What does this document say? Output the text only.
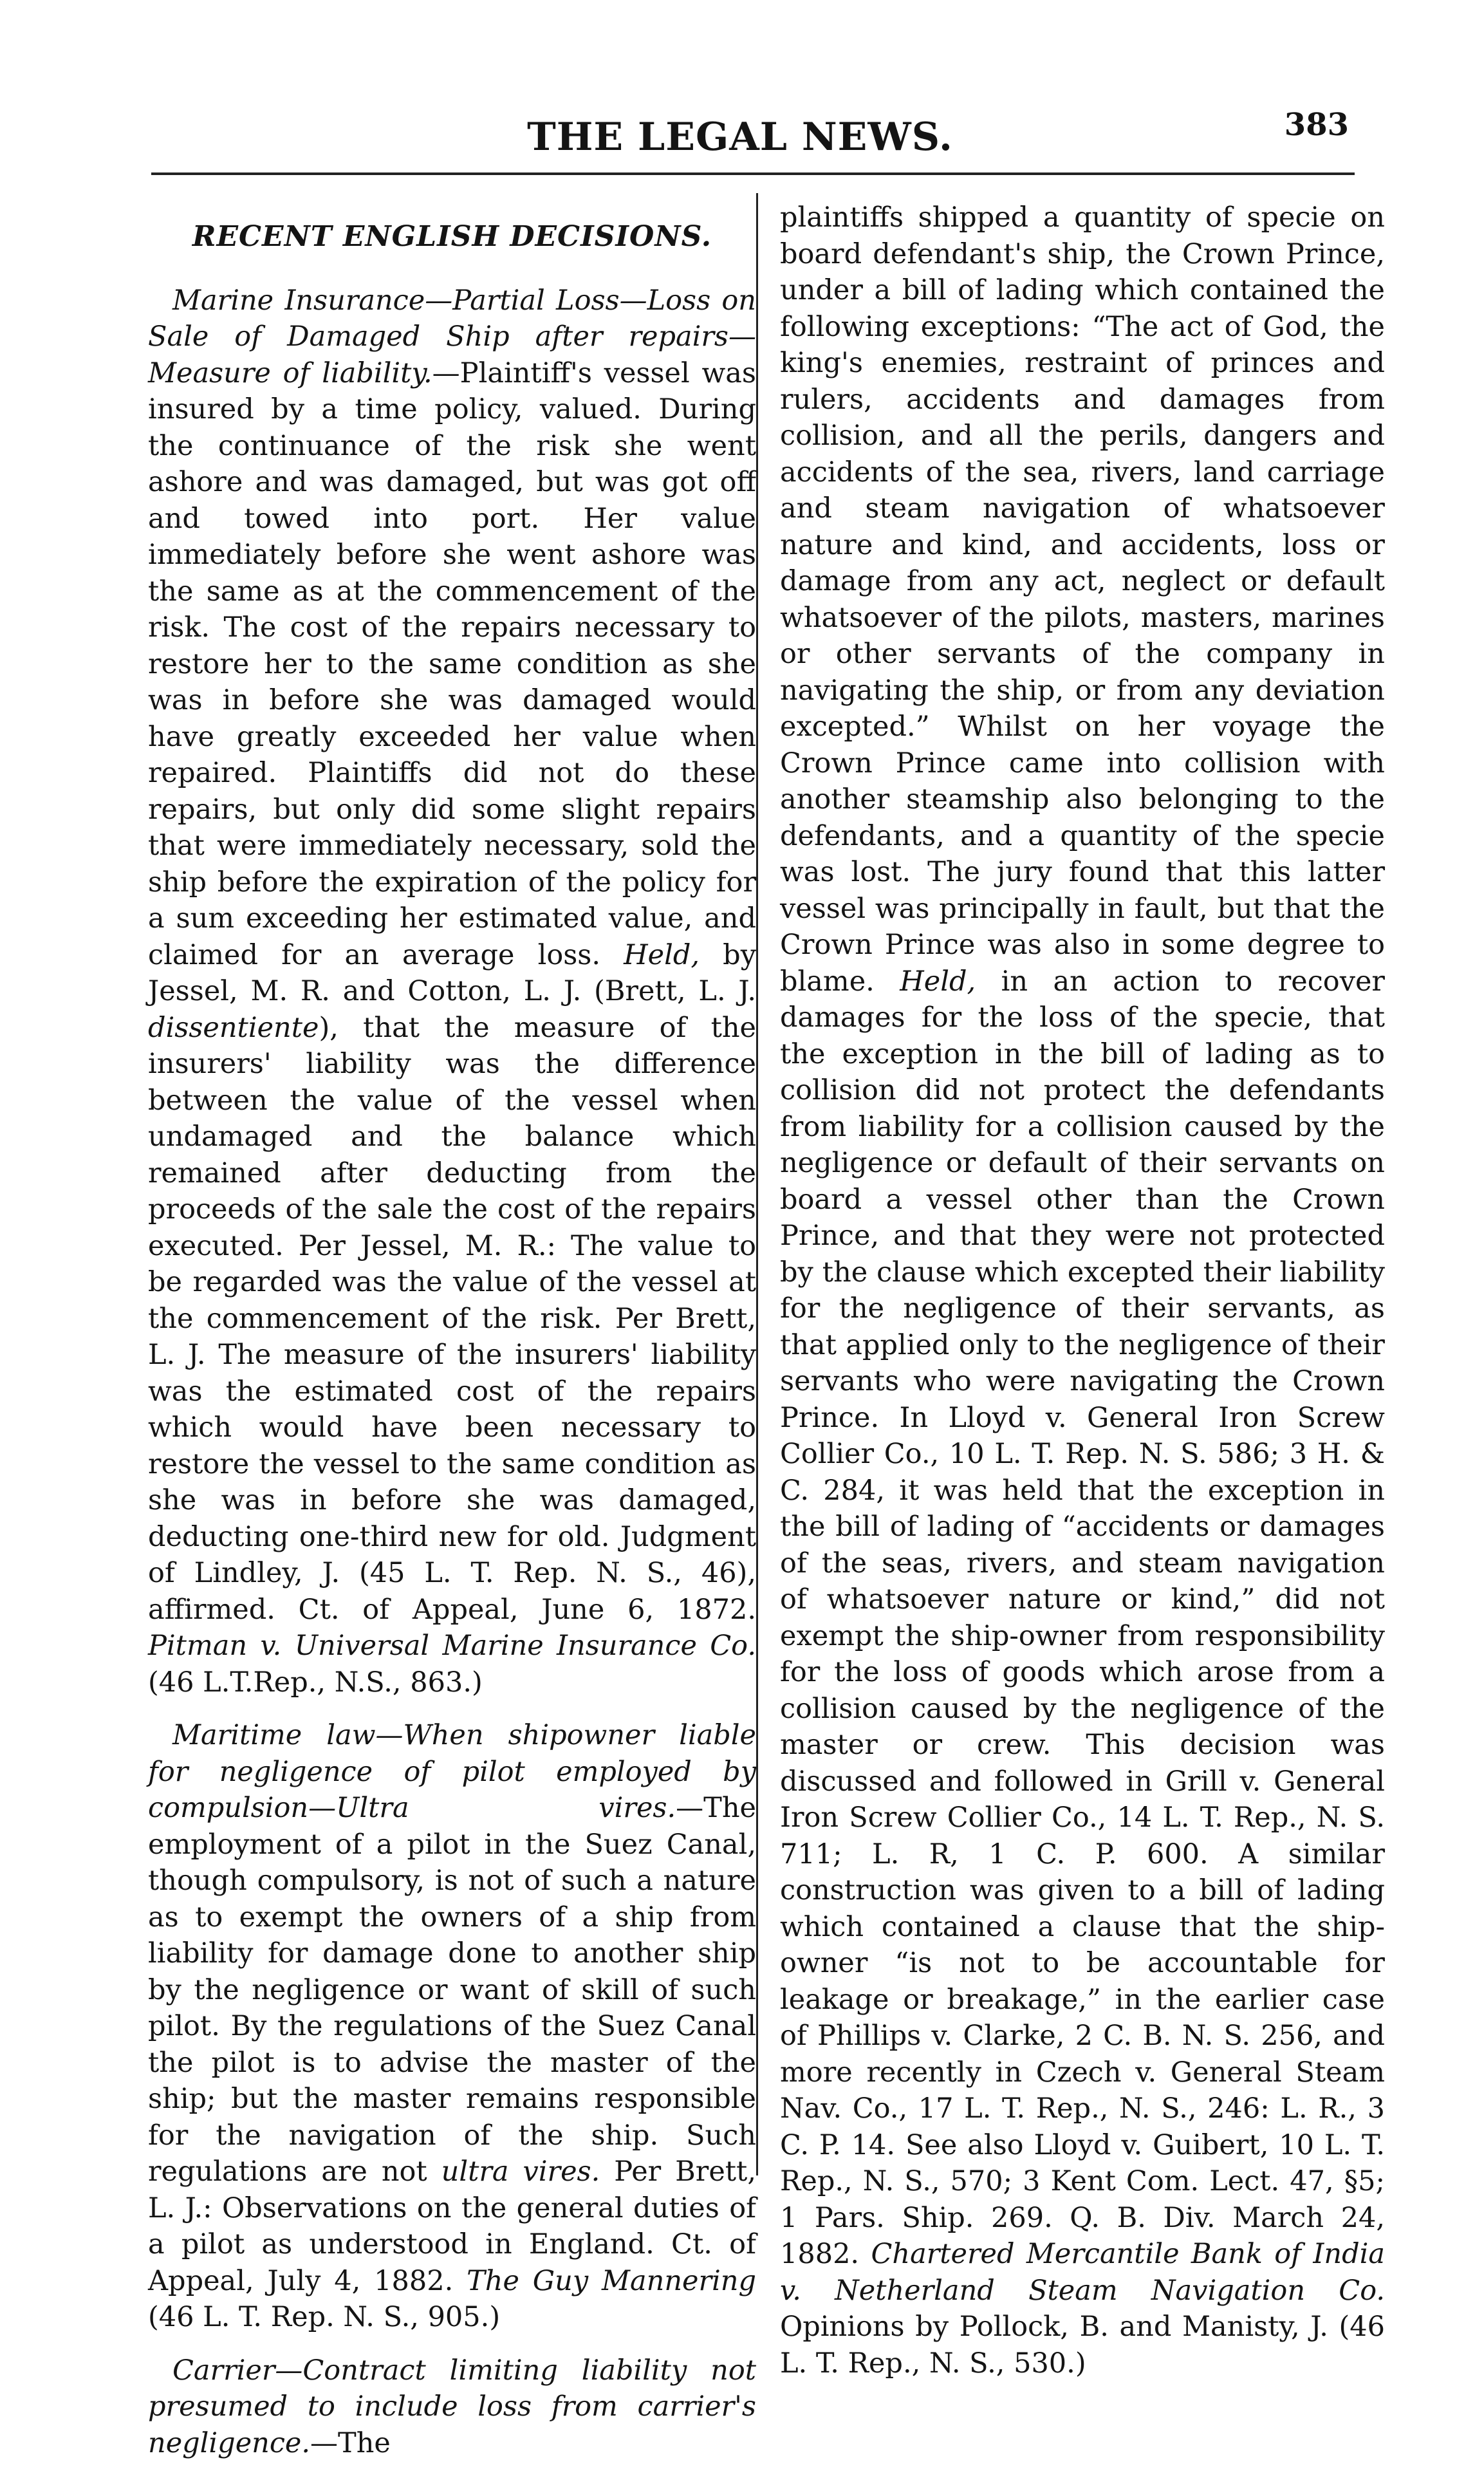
THE LEGAL NEWS.	383
RECENT ENGLISH DECISIONS.

Marine Insurance—Partial Loss—Loss on Sale of Damaged Ship after repairs—Measure of liability.—Plaintiff's vessel was insured by a time policy, valued. During the continuance of the risk she went ashore and was damaged, but was got off and towed into port. Her value immediately before she went ashore was the same as at the commencement of the risk. The cost of the repairs necessary to restore her to the same condition as she was in before she was damaged would have greatly exceeded her value when repaired. Plaintiffs did not do these repairs, but only did some slight repairs that were immediately necessary, sold the ship before the expiration of the policy for a sum exceeding her estimated value, and claimed for an average loss. Held, by Jessel, M. R. and Cotton, L. J. (Brett, L. J. dissentiente), that the measure of the insurers' liability was the difference between the value of the vessel when undamaged and the balance which remained after deducting from the proceeds of the sale the cost of the repairs executed. Per Jessel, M. R.: The value to be regarded was the value of the vessel at the commencement of the risk. Per Brett, L. J. The measure of the insurers' liability was the estimated cost of the repairs which would have been necessary to restore the vessel to the same condition as she was in before she was damaged, deducting one-third new for old. Judgment of Lindley, J. (45 L. T. Rep. N. S., 46), affirmed. Ct. of Appeal, June 6, 1872. Pitman v. Universal Marine Insurance Co. (46 L.T.Rep., N.S., 863.)

Maritime law—When shipowner liable for negligence of pilot employed by compulsion—Ultra vires.—The employment of a pilot in the Suez Canal, though compulsory, is not of such a nature as to exempt the owners of a ship from liability for damage done to another ship by the negligence or want of skill of such pilot. By the regulations of the Suez Canal the pilot is to advise the master of the ship; but the master remains responsible for the navigation of the ship. Such regulations are not ultra vires. Per Brett, L. J.: Observations on the general duties of a pilot as understood in England. Ct. of Appeal, July 4, 1882. The Guy Mannering (46 L. T. Rep. N. S., 905.)

Carrier—Contract limiting liability not presumed to include loss from carrier's negligence.—The

plaintiffs shipped a quantity of specie on board defendant's ship, the Crown Prince, under a bill of lading which contained the following exceptions: “The act of God, the king's enemies, restraint of princes and rulers, accidents and damages from collision, and all the perils, dangers and accidents of the sea, rivers, land carriage and steam navigation of whatsoever nature and kind, and accidents, loss or damage from any act, neglect or default whatsoever of the pilots, masters, marines or other servants of the company in navigating the ship, or from any deviation excepted.” Whilst on her voyage the Crown Prince came into collision with another steamship also belonging to the defendants, and a quantity of the specie was lost. The jury found that this latter vessel was principally in fault, but that the Crown Prince was also in some degree to blame. Held, in an action to recover damages for the loss of the specie, that the exception in the bill of lading as to collision did not protect the defendants from liability for a collision caused by the negligence or default of their servants on board a vessel other than the Crown Prince, and that they were not protected by the clause which excepted their liability for the negligence of their servants, as that applied only to the negligence of their servants who were navigating the Crown Prince. In Lloyd v. General Iron Screw Collier Co., 10 L. T. Rep. N. S. 586; 3 H. & C. 284, it was held that the exception in the bill of lading of “accidents or damages of the seas, rivers, and steam navigation of whatsoever nature or kind,” did not exempt the ship-owner from responsibility for the loss of goods which arose from a collision caused by the negligence of the master or crew. This decision was discussed and followed in Grill v. General Iron Screw Collier Co., 14 L. T. Rep., N. S. 711; L. R, 1 C. P. 600. A similar construction was given to a bill of lading which contained a clause that the ship-owner “is not to be accountable for leakage or breakage,” in the earlier case of Phillips v. Clarke, 2 C. B. N. S. 256, and more recently in Czech v. General Steam Nav. Co., 17 L. T. Rep., N. S., 246: L. R., 3 C. P. 14. See also Lloyd v. Guibert, 10 L. T. Rep., N. S., 570; 3 Kent Com. Lect. 47, §5; 1 Pars. Ship. 269. Q. B. Div. March 24, 1882. Chartered Mercantile Bank of India v. Netherland Steam Navigation Co. Opinions by Pollock, B. and Manisty, J. (46 L. T. Rep., N. S., 530.)
